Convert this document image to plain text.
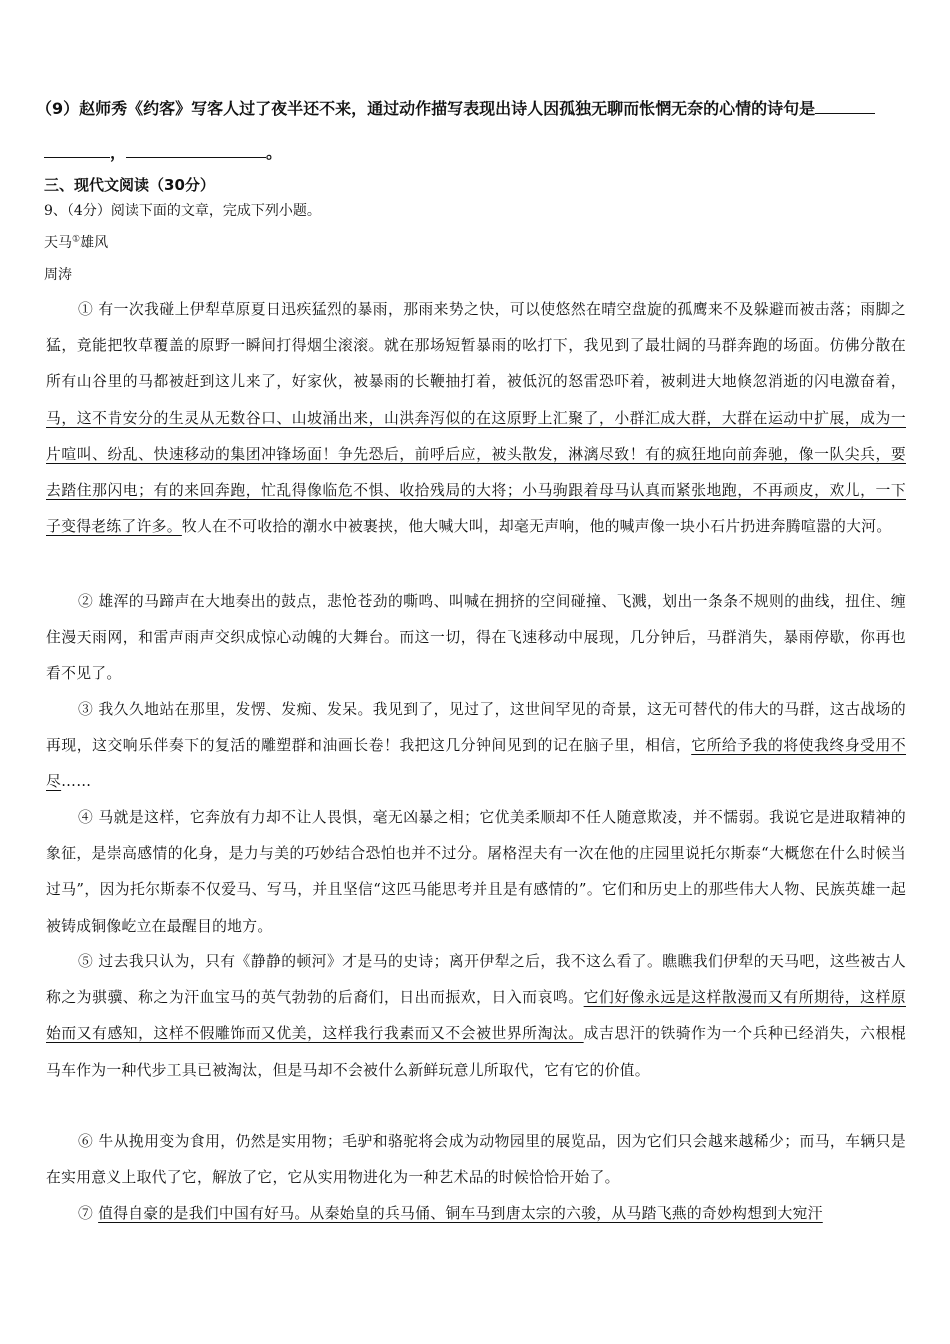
（9）赵师秀《约客》写客人过了夜半还不来，通过动作描写表现出诗人因孤独无聊而怅惘无奈的心情的诗句是
，	。
三、现代文阅读（30分）
9、（4分）阅读下面的文章，完成下列小题。
天马①雄风
周涛

① 有一次我碰上伊犁草原夏日迅疾猛烈的暴雨，那雨来势之快，可以使悠然在晴空盘旋的孤鹰来不及躲避而被击落；雨脚之猛，竟能把牧草覆盖的原野一瞬间打得烟尘滚滚。就在那场短暂暴雨的吆打下，我见到了最壮阔的马群奔跑的场面。仿佛分散在所有山谷里的马都被赶到这儿来了，好家伙，被暴雨的长鞭抽打着，被低沉的怒雷恐吓着，被刺进大地倏忽消逝的闪电激奋着，马，这不肯安分的生灵从无数谷口、山坡涌出来，山洪奔泻似的在这原野上汇聚了，小群汇成大群，大群在运动中扩展，成为一片喧叫、纷乱、快速移动的集团冲锋场面！争先恐后，前呼后应，被头散发，淋漓尽致！有的疯狂地向前奔驰，像一队尖兵，要去踏住那闪电；有的来回奔跑，忙乱得像临危不惧、收拾残局的大将；小马驹跟着母马认真而紧张地跑，不再顽皮，欢儿，一下子变得老练了许多。牧人在不可收拾的潮水中被裹挟，他大喊大叫，却毫无声响，他的喊声像一块小石片扔进奔腾喧嚣的大河。

② 雄浑的马蹄声在大地奏出的鼓点，悲怆苍劲的嘶鸣、叫喊在拥挤的空间碰撞、飞溅，划出一条条不规则的曲线，扭住、缠住漫天雨网，和雷声雨声交织成惊心动魄的大舞台。而这一切，得在飞速移动中展现，几分钟后，马群消失，暴雨停歇，你再也看不见了。

③ 我久久地站在那里，发愣、发痴、发呆。我见到了，见过了，这世间罕见的奇景，这无可替代的伟大的马群，这古战场的再现，这交响乐伴奏下的复活的雕塑群和油画长卷！我把这几分钟间见到的记在脑子里，相信，它所给予我的将使我终身受用不尽……

④ 马就是这样，它奔放有力却不让人畏惧，毫无凶暴之相；它优美柔顺却不任人随意欺凌，并不懦弱。我说它是进取精神的象征，是崇高感情的化身，是力与美的巧妙结合恐怕也并不过分。屠格涅夫有一次在他的庄园里说托尔斯泰“大概您在什么时候当过马”，因为托尔斯泰不仅爱马、写马，并且坚信“这匹马能思考并且是有感情的”。它们和历史上的那些伟大人物、民族英雄一起被铸成铜像屹立在最醒目的地方。

⑤ 过去我只认为，只有《静静的顿河》才是马的史诗；离开伊犁之后，我不这么看了。瞧瞧我们伊犁的天马吧，这些被古人称之为骐骥、称之为汗血宝马的英气勃勃的后裔们，日出而振欢，日入而哀鸣。它们好像永远是这样散漫而又有所期待，这样原始而又有感知，这样不假雕饰而又优美，这样我行我素而又不会被世界所淘汰。成吉思汗的铁骑作为一个兵种已经消失，六根棍马车作为一种代步工具已被淘汰，但是马却不会被什么新鲜玩意儿所取代，它有它的价值。

⑥ 牛从挽用变为食用，仍然是实用物；毛驴和骆驼将会成为动物园里的展览品，因为它们只会越来越稀少；而马，车辆只是在实用意义上取代了它，解放了它，它从实用物进化为一种艺术品的时候恰恰开始了。

⑦ 值得自豪的是我们中国有好马。从秦始皇的兵马俑、铜车马到唐太宗的六骏，从马踏飞燕的奇妙构想到大宛汗
